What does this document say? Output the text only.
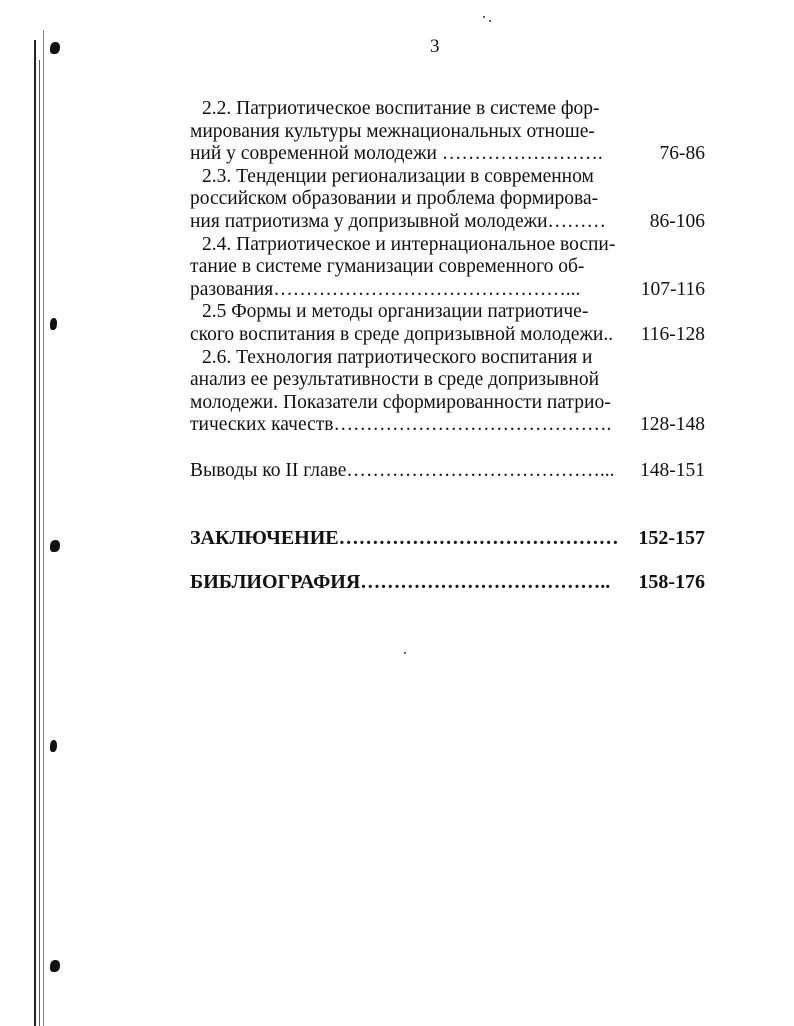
3
2.2. Патриотическое воспитание в системе фор-
мирования культуры межнациональных отноше-
ний у современной молодежи …………………….	76-86
2.3. Тенденции регионализации в современном
российском образовании и проблема формирова-
ния патриотизма у допризывной молодежи………	86-106
2.4. Патриотическое и интернациональное воспи-
тание в системе гуманизации современного об-
разования………………………………………...	107-116
2.5 Формы и методы организации патриотиче-
ского воспитания в среде допризывной молодежи..	116-128
2.6. Технология патриотического воспитания и
анализ ее результативности в среде допризывной
молодежи. Показатели сформированности патрио-
тических качеств…………………………………….	128-148
Выводы ко II главе…………………………………...	148-151
ЗАКЛЮЧЕНИЕ…………………………………… 152-157
БИБЛИОГРАФИЯ………………………………..	158-176
